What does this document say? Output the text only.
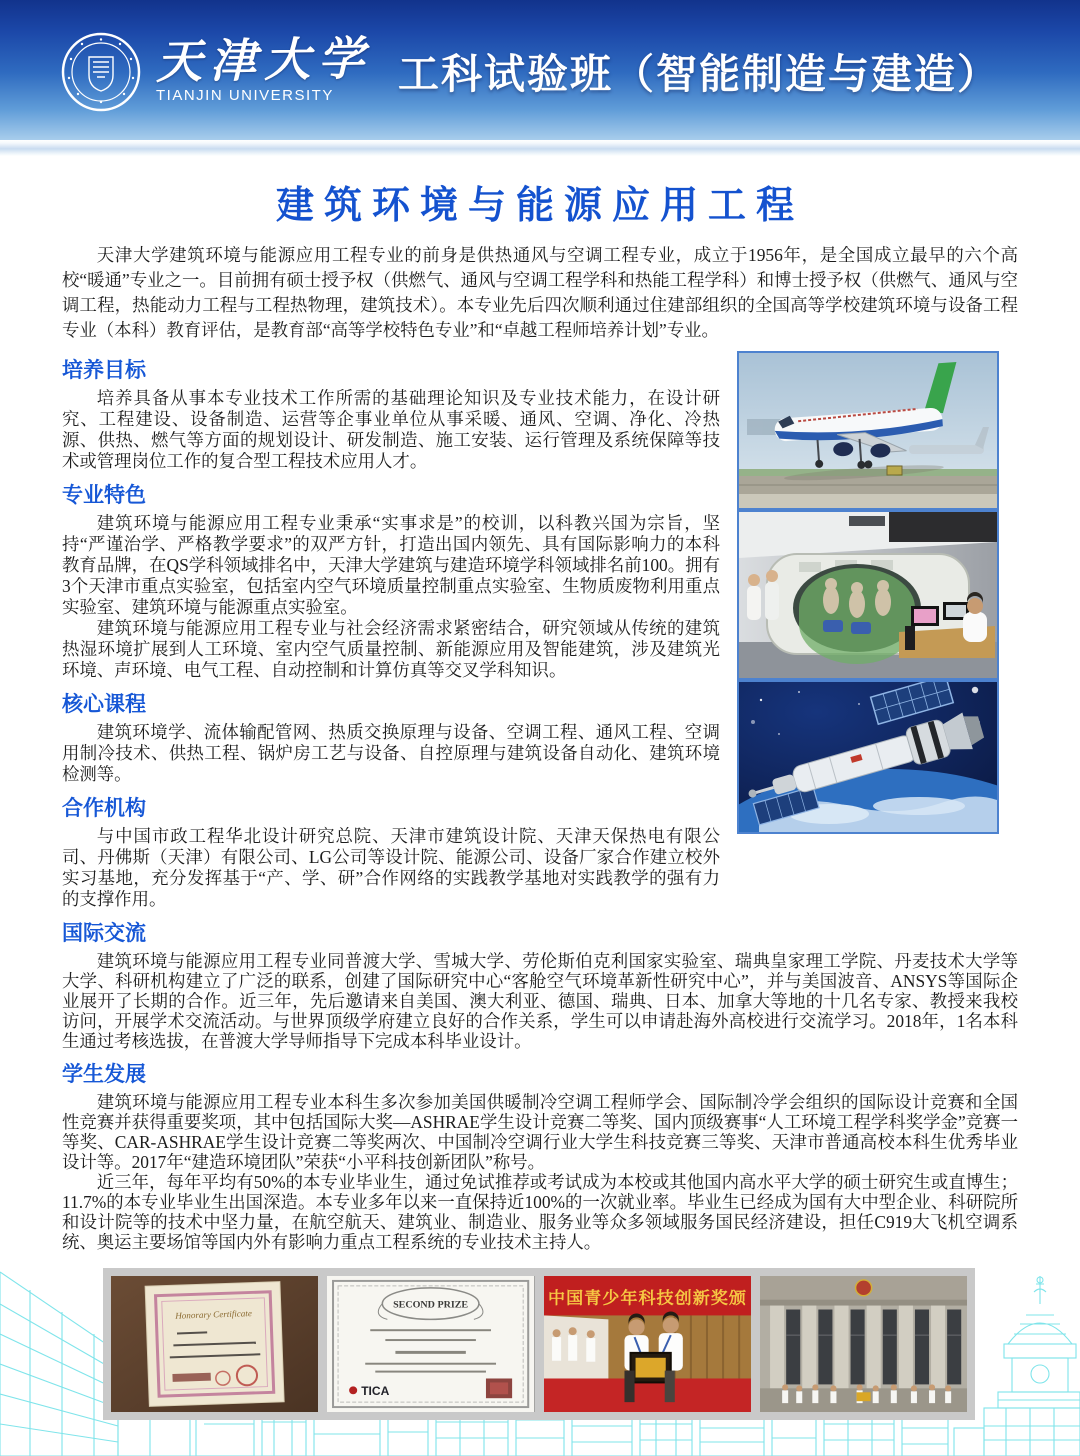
天津大学
TIANJIN UNIVERSITY	工科试验班（智能制造与建造）
建筑环境与能源应用工程

天津大学建筑环境与能源应用工程专业的前身是供热通风与空调工程专业，成立于1956年，是全国成立最早的六个高校“暖通”专业之一。目前拥有硕士授予权（供燃气、通风与空调工程学科和热能工程学科）和博士授予权（供燃气、通风与空调工程，热能动力工程与工程热物理，建筑技术）。本专业先后四次顺利通过住建部组织的全国高等学校建筑环境与设备工程专业（本科）教育评估，是教育部“高等学校特色专业”和“卓越工程师培养计划”专业。

培养目标

培养具备从事本专业技术工作所需的基础理论知识及专业技术能力，在设计研究、工程建设、设备制造、运营等企事业单位从事采暖、通风、空调、净化、冷热源、供热、燃气等方面的规划设计、研发制造、施工安装、运行管理及系统保障等技术或管理岗位工作的复合型工程技术应用人才。

专业特色

建筑环境与能源应用工程专业秉承“实事求是”的校训，以科教兴国为宗旨，坚持“严谨治学、严格教学要求”的双严方针，打造出国内领先、具有国际影响力的本科教育品牌，在QS学科领域排名中，天津大学建筑与建造环境学科领域排名前100。拥有3个天津市重点实验室，包括室内空气环境质量控制重点实验室、生物质废物利用重点实验室、建筑环境与能源重点实验室。

建筑环境与能源应用工程专业与社会经济需求紧密结合，研究领域从传统的建筑热湿环境扩展到人工环境、室内空气质量控制、新能源应用及智能建筑，涉及建筑光环境、声环境、电气工程、自动控制和计算仿真等交叉学科知识。

核心课程

建筑环境学、流体输配管网、热质交换原理与设备、空调工程、通风工程、空调用制冷技术、供热工程、锅炉房工艺与设备、自控原理与建筑设备自动化、建筑环境检测等。

合作机构

与中国市政工程华北设计研究总院、天津市建筑设计院、天津天保热电有限公司、丹佛斯（天津）有限公司、LG公司等设计院、能源公司、设备厂家合作建立校外实习基地，充分发挥基于“产、学、研”合作网络的实践教学基地对实践教学的强有力的支撑作用。

国际交流

建筑环境与能源应用工程专业同普渡大学、雪城大学、劳伦斯伯克利国家实验室、瑞典皇家理工学院、丹麦技术大学等大学、科研机构建立了广泛的联系，创建了国际研究中心“客舱空气环境革新性研究中心”，并与美国波音、ANSYS等国际企业展开了长期的合作。近三年，先后邀请来自美国、澳大利亚、德国、瑞典、日本、加拿大等地的十几名专家、教授来我校访问，开展学术交流活动。与世界顶级学府建立良好的合作关系，学生可以申请赴海外高校进行交流学习。2018年，1名本科生通过考核选拔，在普渡大学导师指导下完成本科毕业设计。

学生发展

建筑环境与能源应用工程专业本科生多次参加美国供暖制冷空调工程师学会、国际制冷学会组织的国际设计竞赛和全国性竞赛并获得重要奖项，其中包括国际大奖—ASHRAE学生设计竞赛二等奖、国内顶级赛事“人工环境工程学科奖学金”竞赛一等奖、CAR-ASHRAE学生设计竞赛二等奖两次、中国制冷空调行业大学生科技竞赛三等奖、天津市普通高校本科生优秀毕业设计等。2017年“建造环境团队”荣获“小平科技创新团队”称号。

近三年，每年平均有50%的本专业毕业生，通过免试推荐或考试成为本校或其他国内高水平大学的硕士研究生或直博生；11.7%的本专业毕业生出国深造。本专业多年以来一直保持近100%的一次就业率。毕业生已经成为国有大中型企业、科研院所和设计院等的技术中坚力量，在航空航天、建筑业、制造业、服务业等众多领域服务国民经济建设，担任C919大飞机空调系统、奥运主要场馆等国内外有影响力重点工程系统的专业技术主持人。

Honorary Certificate
SECOND PRIZE
TICA
中国青少年科技创新奖颁
